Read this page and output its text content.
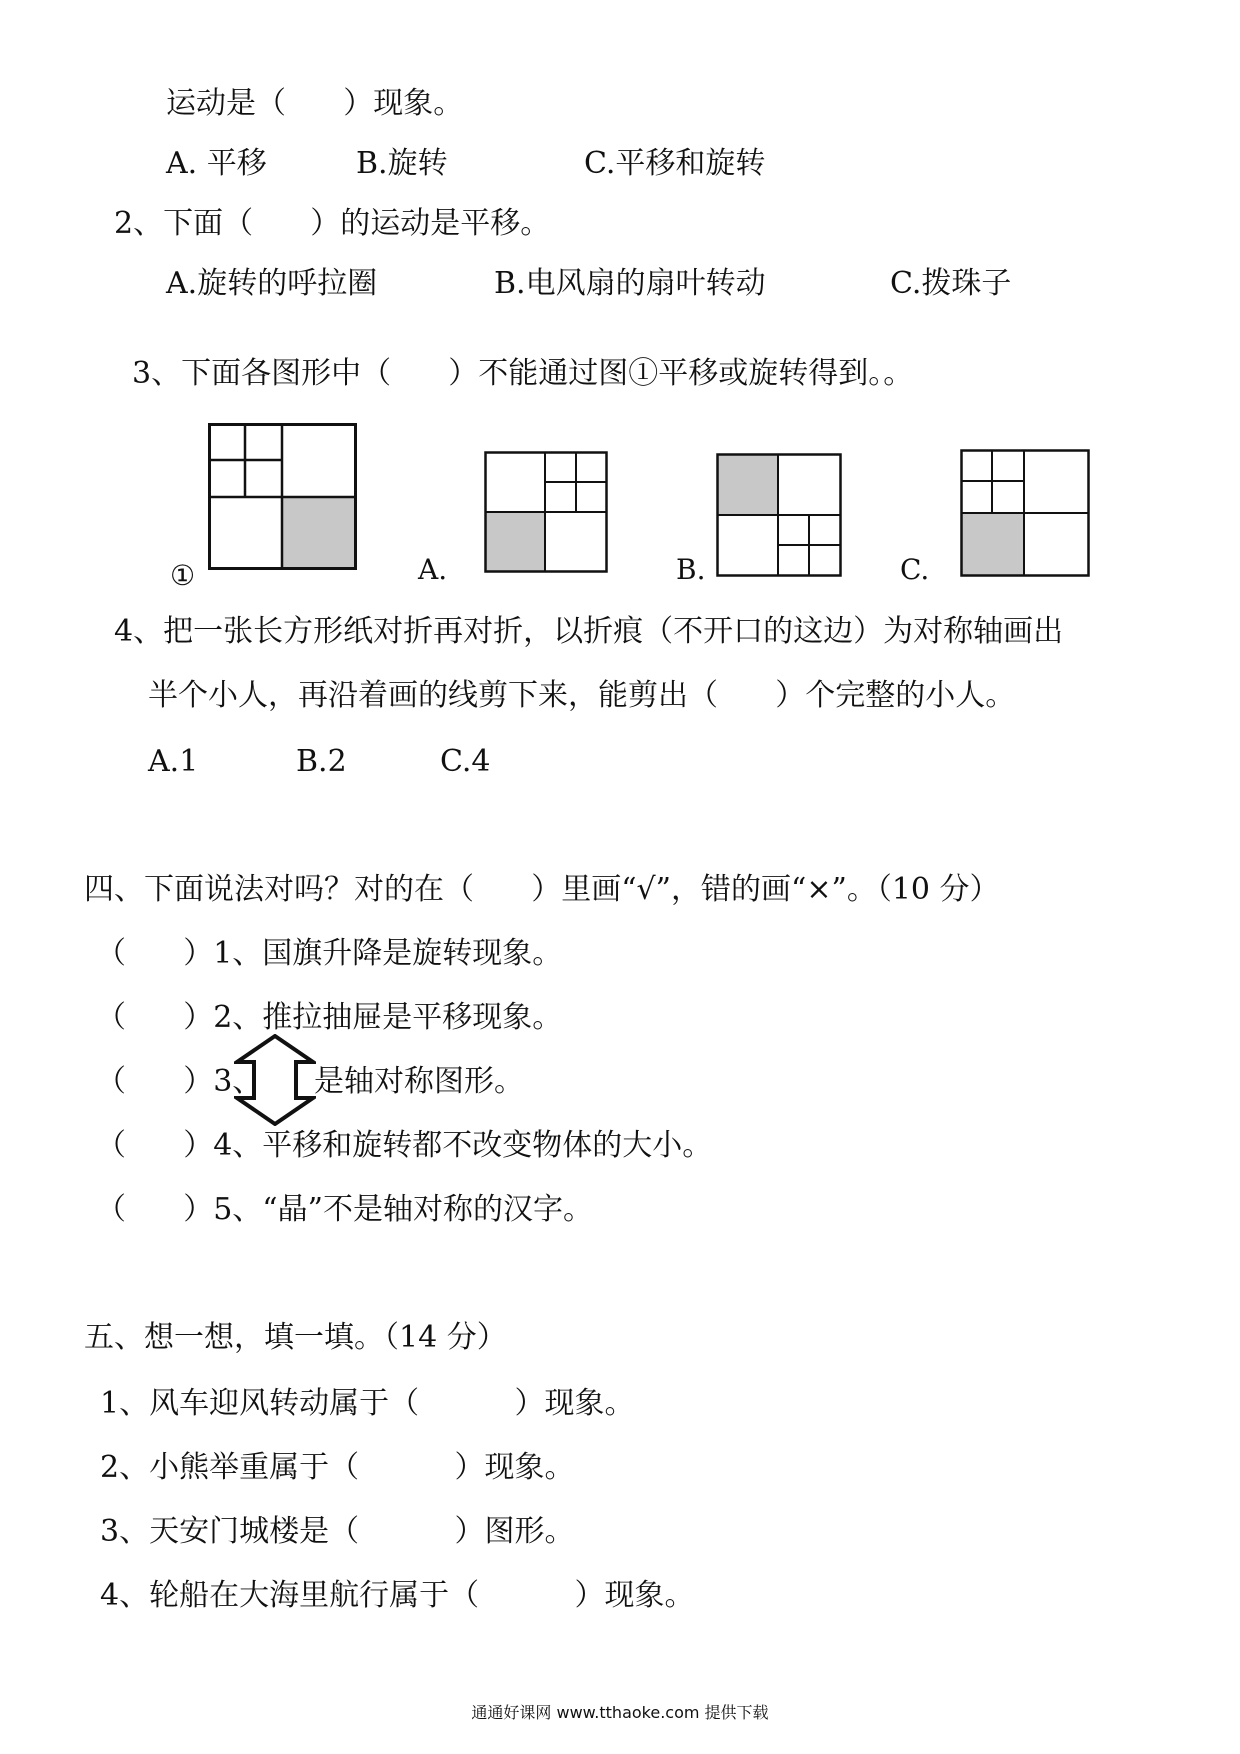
运动是（      ）现象。
A. 平移	B.旋转	C.平移和旋转
2、下面（      ）的运动是平移。
A.旋转的呼拉圈	B.电风扇的扇叶转动	C.拨珠子
3、下面各图形中（      ）不能通过图①平移或旋转得到。。
①	A.	B.	C.
4、把一张长方形纸对折再对折，以折痕（不开口的这边）为对称轴画出
半个小人，再沿着画的线剪下来，能剪出（      ）个完整的小人。
A.1	B.2	C.4
四、下面说法对吗？对的在（      ）里画“√”，错的画“×”。（10 分）
（      ）1、国旗升降是旋转现象。
（      ）2、推拉抽屉是平移现象。
（      ）3、 是轴对称图形。
（      ）4、平移和旋转都不改变物体的大小。
（      ）5、“晶”不是轴对称的汉字。
五、想一想，填一填。（14 分）
1、风车迎风转动属于（          ）现象。
2、小熊举重属于（          ）现象。
3、天安门城楼是（          ）图形。
4、轮船在大海里航行属于（          ）现象。
通通好课网 www.tthaoke.com 提供下载
